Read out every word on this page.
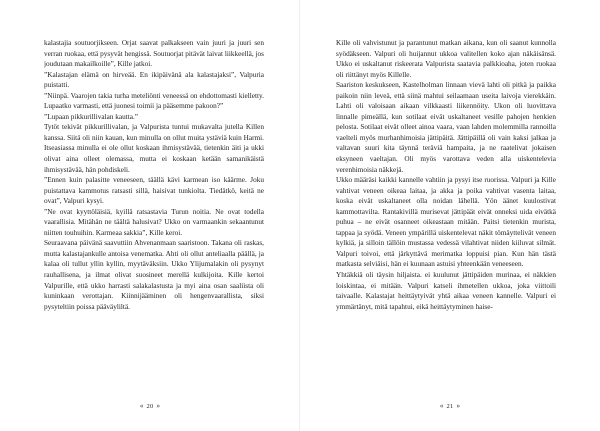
kalastajia soutuorjikseen. Orjat saavat palkakseen vain juuri ja juuri sen verran ruokaa, että pysyvät hengissä. Soutuorjat pitävät laivat liikkeellä, jos joudutaan makailkoille”, Kille jatkoi.

”Kalastajan elämä on hirveää. En ikipäivänä ala kalastajaksi”, Valpuria puistatti.

”Niinpä. Vaarojen takia turha meteliönti veneessä on ehdottomasti kielletty. Lupaatko varmasti, että juonesi toimii ja pääsemme pakoon?”

”Lupaan pikkurillivalan kautta.”

Tytöt tekivät pikkurillivalan, ja Valpurista tuntui mukavalta jutella Killen kanssa. Siitä oli niin kauan, kun minulla on ollut muita ystäviä kuin Harmi. Itseasiassa minulla ei ole ollut koskaan ihmisystävää, tietenkin äiti ja ukki olivat aina olleet olemassa, mutta ei koskaan ketään samanikäistä ihmisystävää, hän pohdiskeli.

”Ennen kuin palasitte veneeseen, täällä kävi karmean iso käärme. Joku puistattava kammotus ratsasti sillä, haisivat tunkiolta. Tiedätkö, keitä ne ovat”, Valpuri kysyi.

”Ne ovat kyyttöläisiä, kyillä ratsastavia Turun noitia. Ne ovat todella vaarallisia. Mitähän ne täältä halusivat? Ukko on varmaankin sekaantunut niitten touhuihin. Karmeaa sakkia”, Kille keroi.

Seuraavana päivänä saavuttiin Ahvenanmaan saaristoon. Takana oli raskas, mutta kalastajankulle antoisa venematka. Ahti oli ollut anteliaalla päällä, ja kalaa oli tullut yllin kyllin, myytäväksiin. Ukko Ylijumalakin oli pysynyt rauhallisena, ja ilmat olivat suosineet merellä kulkijoita. Kille kertoi Valpurille, että ukko harrasti salakalastusta ja myi aina osan saaliista oli kuninkaan verottajan. Kiinnijääminen oli hengenvaarallista, siksi pysyteltiin poissa pääväyliltä.

« 20 »

Kille oli vahvistunut ja parantunut matkan aikana, kun oli saanut kunnolla syödäkseen. Valpuri oli huijannut ukkoa valitellen koko ajan näkäisänsä. Ukko ei uskaltanut riskeerata Valpurista saatavia palkkioaha, joten ruokaa oli riittänyt myös Killelle.

Saariston keskukseen, Kastelholman linnaan vievä lahti oli pitkä ja paikka paikoin niin leveä, että siinä mahtui seilaamaan useita laivoja vierekkäin. Lahti oli valoisaan aikaan vilkkaasti liikennöity. Ukon oli luovittava linnalle pimeällä, kun sotilaat eivät uskaltaneet vesille pahojen henkien pelosta. Sotilaat eivät olleet ainoa vaara, vaan lahden molemmilla rannoilla vaelteli myös murhanhimoisia jättipäitä. Jättipäillä oli vain kaksi jalkaa ja valtavan suuri kita täynnä teräviä hampaita, ja ne raatelivat jokaisen eksyneen vaeltajan. Oli myös varottava veden alla uiskentelevia verenhimoisia näkkejä.

Ukko määräsi kaikki kannelle vahtiin ja pysyi itse ruorissa. Valpuri ja Kille vahtivat veneen oikeaa laitaa, ja akka ja poika vahtivat vasenta laitaa, koska eivät uskaltaneet olla noidan lähellä. Yön äänet kuulostivat kammottavilta. Rantakivillä murisevat jättipäät eivät onneksi uida eivätkä puhua – ne eivät osanneet oikeastaan mitään. Paitsi tietenkin murista, tappaa ja syödä. Veneen ympärillä uiskentelevat näkit tömäyttelivät veneen kylkiä, ja silloin tällöin mustassa vedessä vilahtivat niiden kiiluvat silmät. Valpuri toivoi, että järkyttävä merimatka loppuisi pian. Kun hän tästä matkasta selviäisi, hän ei kuunaan astuisi yhteenkään veneeseen.

Yhtäkkiä oli täysin hiljaista. ei kuulunut jättipäiden murinaa, ei näkkien loiskintaa, ei mitään. Valpuri katseli ihmetellen ukkoa, joka viittoili taivaalle. Kalastajat heittäytyivät yhtä aikaa veneen kannelle. Valpuri ei ymmärtänyt, mitä tapahtui, eikä heittäytyminen haise-

« 21 »
